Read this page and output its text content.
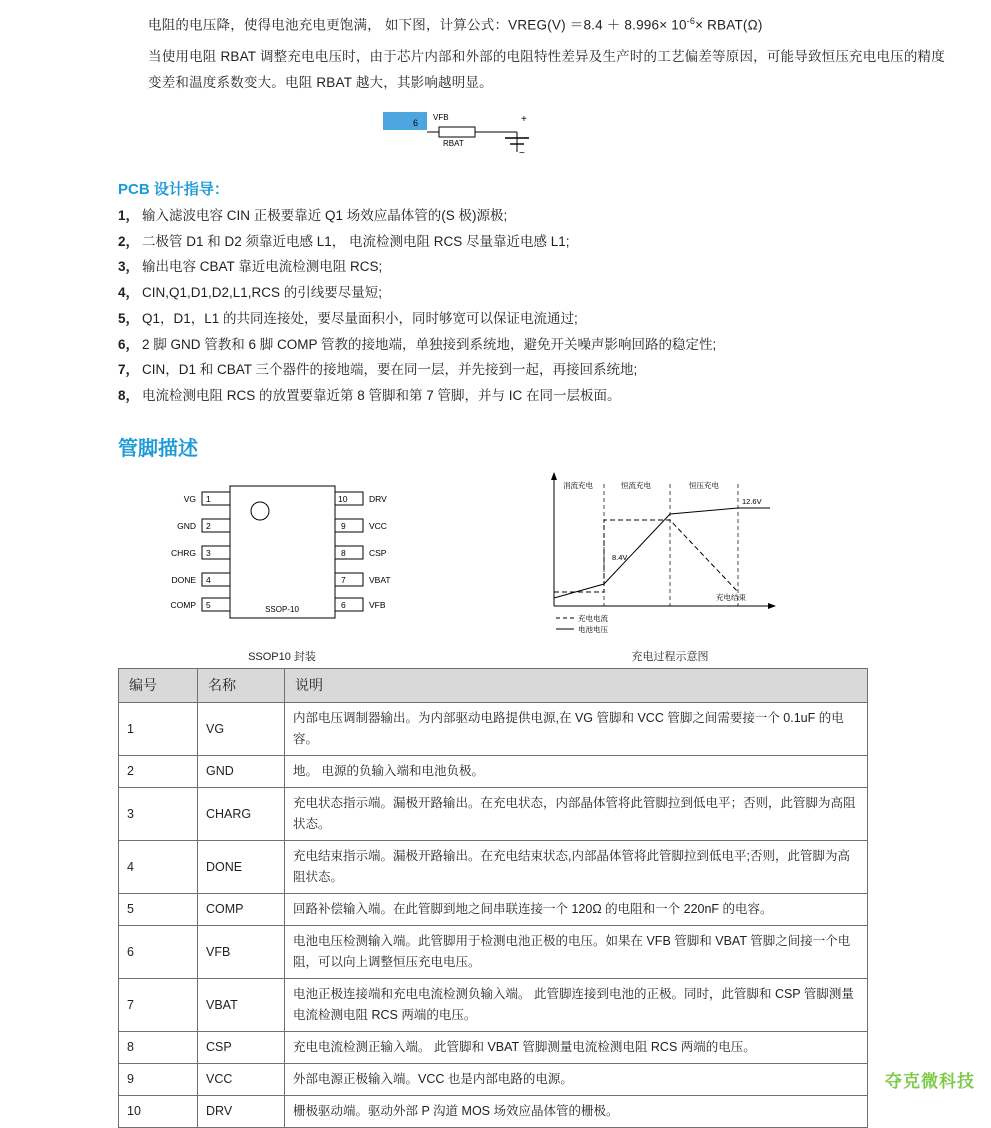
电阻的电压降，使得电池充电更饱满， 如下图，计算公式：VREG(V) $=8.4 + 8.996\times 10^{-6}\times$ RBAT(Ω)
当使用电阻 RBAT 调整充电电压时，由于芯片内部和外部的电阻特性差异及生产时的工艺偏差等原因，可能导致恒压充电电压的精度变差和温度系数变大。电阻 RBAT 越大，其影响越明显。
6
VFB
RBAT
+
−
PCB 设计指导：
1， 输入滤波电容 CIN 正极要靠近 Q1 场效应晶体管的(S 极)源极;
2， 二极管 D1 和 D2 须靠近电感 L1， 电流检测电阻 RCS 尽量靠近电感 L1;
3， 输出电容 CBAT 靠近电流检测电阻 RCS;
4， CIN,Q1,D1,D2,L1,RCS 的引线要尽量短;
5， Q1，D1，L1 的共同连接处，要尽量面积小，同时够宽可以保证电流通过;
6， 2 脚 GND 管教和 6 脚 COMP 管教的接地端，单独接到系统地，避免开关噪声影响回路的稳定性;
7， CIN，D1 和 CBAT 三个器件的接地端，要在同一层，并先接到一起，再接回系统地;
8， 电流检测电阻 RCS 的放置要靠近第 8 管脚和第 7 管脚，并与 IC 在同一层板面。
管脚描述
SSOP-10
1
VG
2
GND
3
CHRG
4
DONE
5
COMP
10	DRV
9	VCC
8	CSP
7	VBAT
6	VFB
SSOP10 封装
12.6V
8.4V
涓流充电	恒流充电	恒压充电
充电结束
充电电流
电池电压
充电过程示意图
编号	名称	说明
1	VG	内部电压调制器输出。为内部驱动电路提供电源,在 VG 管脚和 VCC 管脚之间需要接一个 0.1uF 的电容。
2	GND	地。 电源的负输入端和电池负极。
3	CHARG	充电状态指示端。漏极开路输出。在充电状态，内部晶体管将此管脚拉到低电平；否则，此管脚为高阻状态。
4	DONE	充电结束指示端。漏极开路输出。在充电结束状态,内部晶体管将此管脚拉到低电平;否则，此管脚为高阻状态。
5	COMP	回路补偿输入端。在此管脚到地之间串联连接一个 120Ω 的电阻和一个 220nF 的电容。
6	VFB	电池电压检测输入端。此管脚用于检测电池正极的电压。如果在 VFB 管脚和 VBAT 管脚之间接一个电阻，可以向上调整恒压充电电压。
7	VBAT	电池正极连接端和充电电流检测负输入端。 此管脚连接到电池的正极。同时，此管脚和 CSP 管脚测量电流检测电阻 RCS 两端的电压。
8	CSP	充电电流检测正输入端。 此管脚和 VBAT 管脚测量电流检测电阻 RCS 两端的电压。
9	VCC	外部电源正极输入端。VCC 也是内部电路的电源。
10	DRV	栅极驱动端。驱动外部 P 沟道 MOS 场效应晶体管的栅极。
夺克微科技
